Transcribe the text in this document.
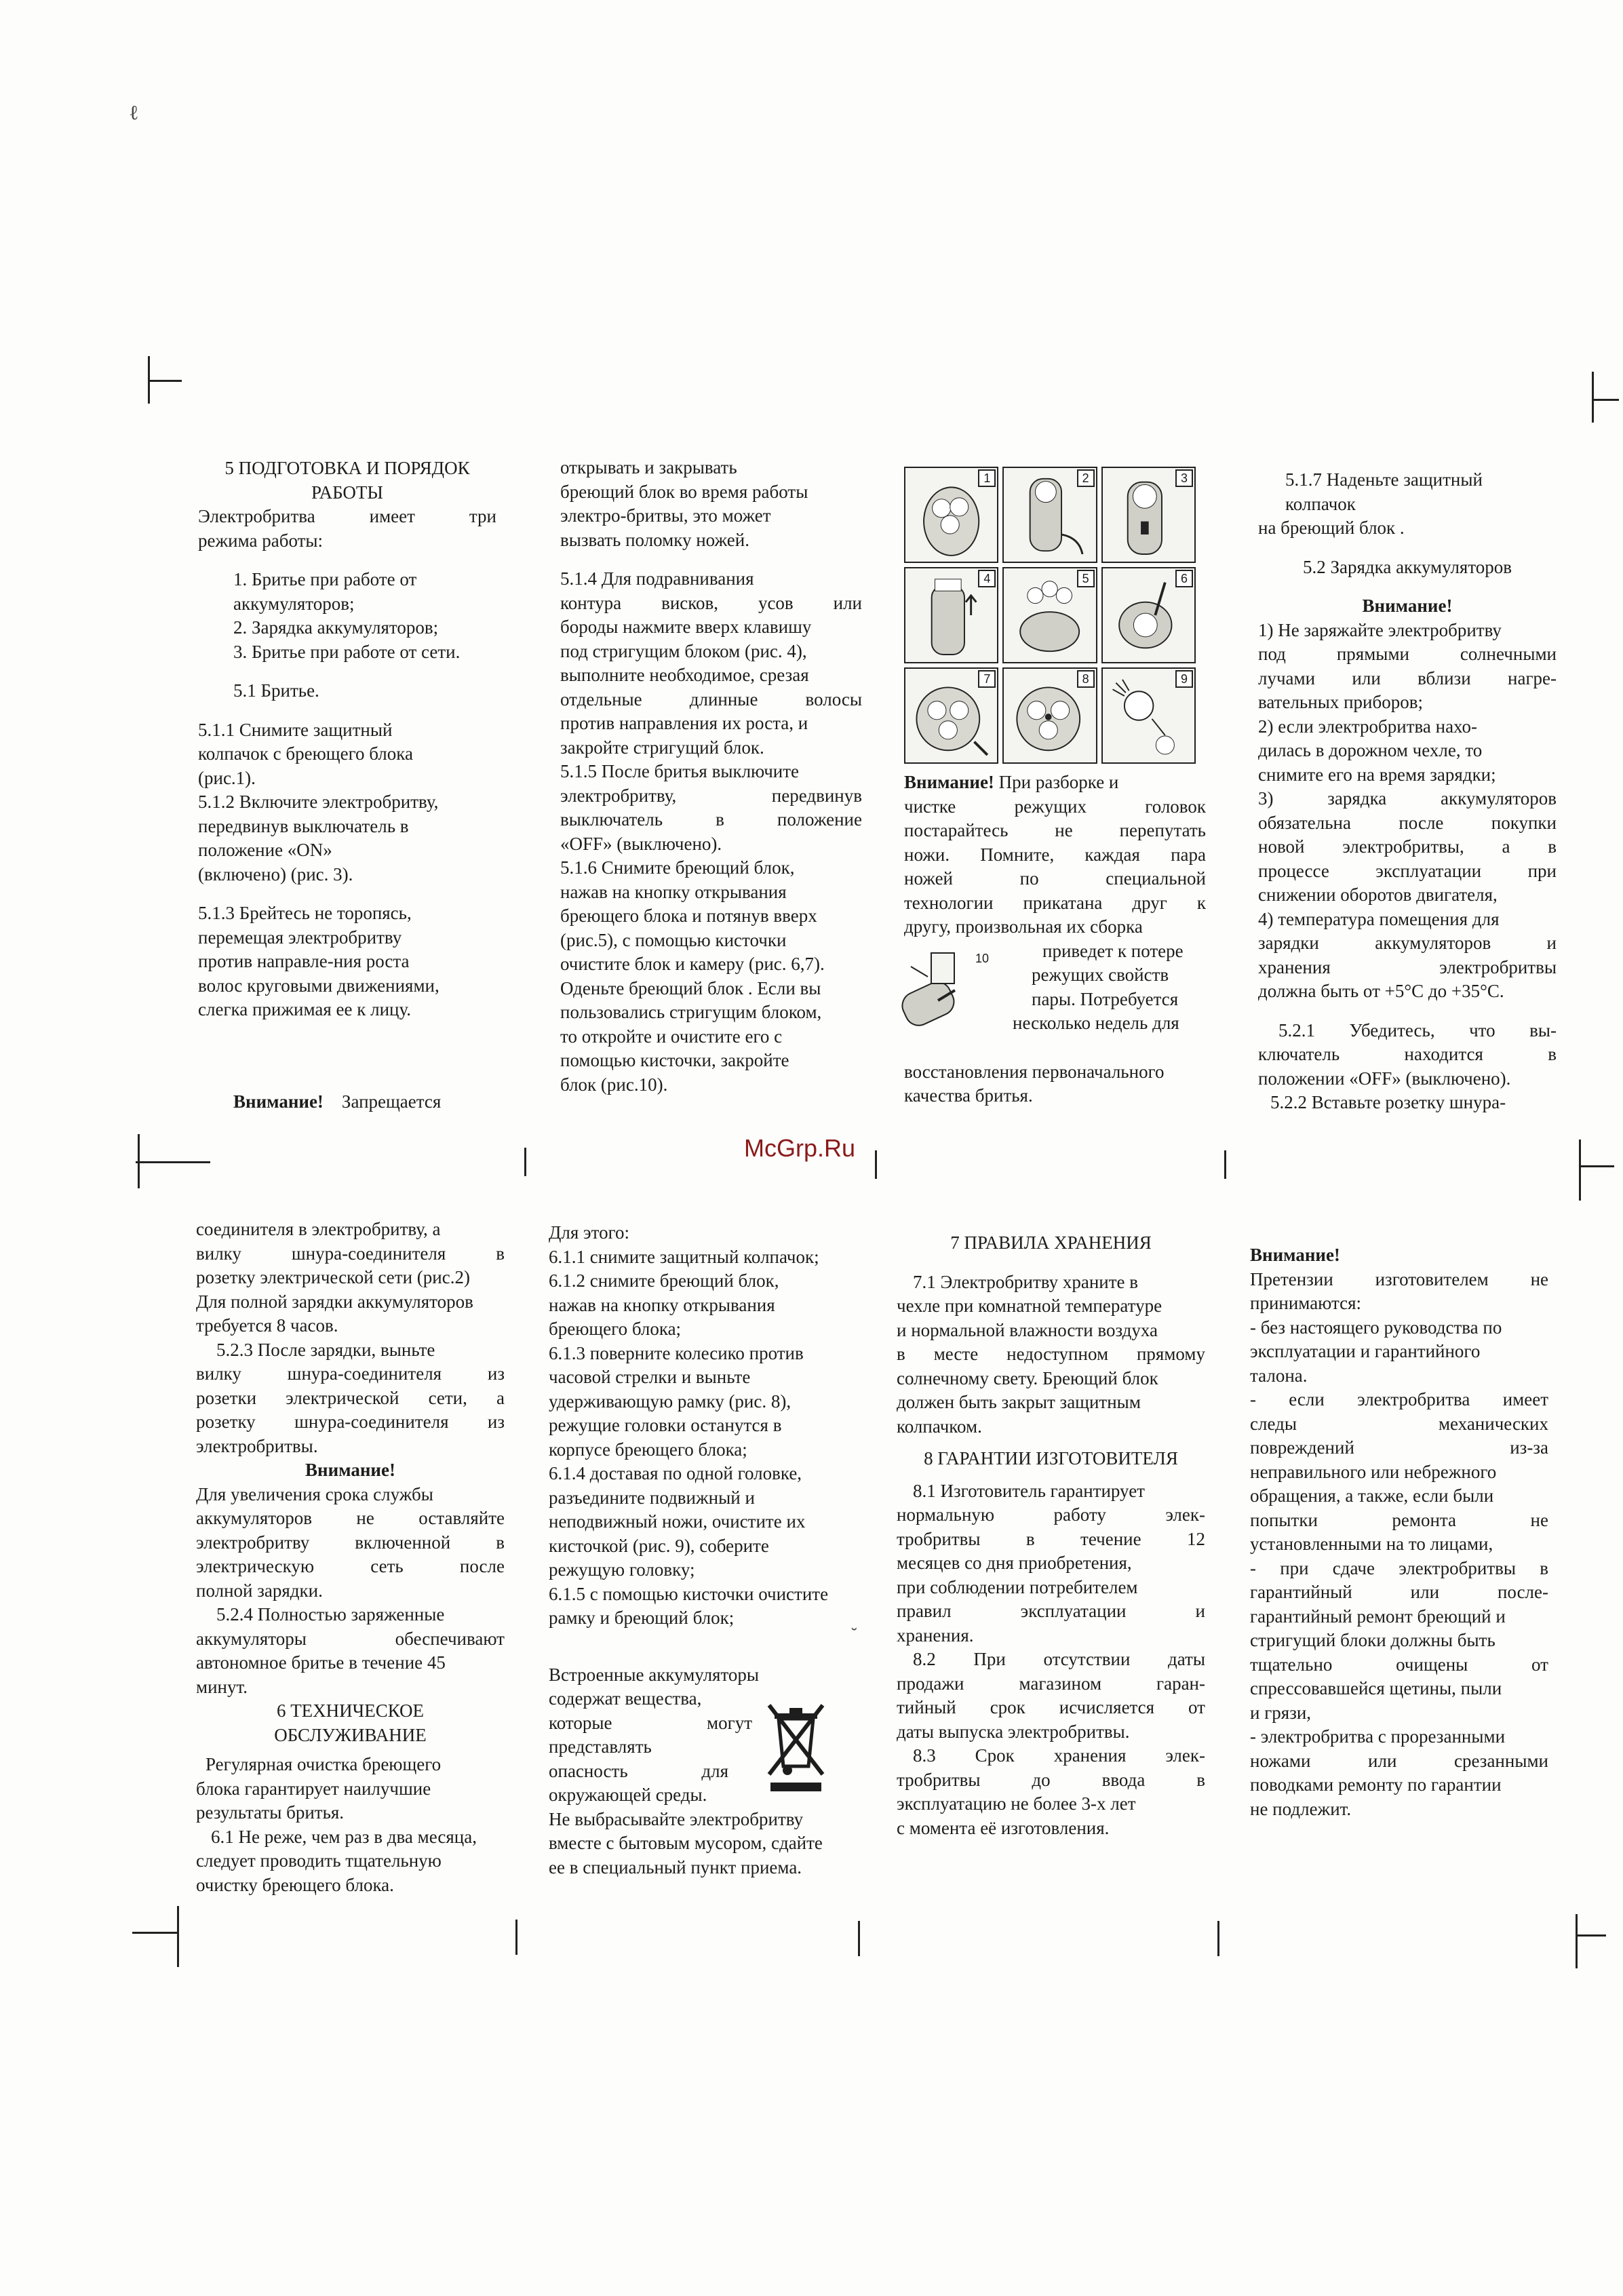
ℓ
˘
McGrp.Ru

5 ПОДГОТОВКА И ПОРЯДОК

РАБОТЫ

Электробритва имеет три

режима работы:

1. Бритье при работе от

аккумуляторов;

2. Зарядка аккумуляторов;

3. Бритье при работе от сети.

5.1 Бритье.

5.1.1 Снимите защитный

колпачок с бреющего блока

(рис.1).

5.1.2 Включите электробритву,

передвинув выключатель в

положение «ON»

(включено) (рис. 3).

5.1.3 Брейтесь не торопясь,

перемещая электробритву

против направле-ния роста

волос круговыми движениями,

слегка прижимая ее к лицу.

Внимание! Запрещается

открывать и закрывать

бреющий блок во время работы

электро-бритвы, это может

вызвать поломку ножей.

5.1.4 Для подравнивания

контура висков, усов или

бороды нажмите вверх клавишу

под стригущим блоком (рис. 4),

выполните необходимое, срезая

отдельные длинные волосы

против направления их роста, и

закройте стригущий блок.

5.1.5 После бритья выключите

электробритву, передвинув

выключатель в положение

«OFF» (выключено).

5.1.6 Снимите бреющий блок,

нажав на кнопку открывания

бреющего блока и потянув вверх

(рис.5), с помощью кисточки

очистите блок и камеру (рис. 6,7).

Оденьте бреющий блок . Если вы

пользовались стригущим блоком,

то откройте и очистите его с

помощью кисточки, закройте

блок (рис.10).

1	2	3
4	5	6
7	8	9
10

Внимание! При разборке и

чистке режущих головок

постарайтесь не перепутать

ножи. Помните, каждая пара

ножей по специальной

технологии прикатана друг к

другу, произвольная их сборка

приведет к потере

режущих свойств

пары. Потребуется

несколько недель для

восстановления первоначального

качества бритья.

5.1.7 Наденьте защитный колпачок

на бреющий блок .

5.2 Зарядка аккумуляторов

Внимание!

1) Не заряжайте электробритву

под прямыми солнечными

лучами или вблизи нагре-

вательных приборов;

2) если электробритва нахо-

дилась в дорожном чехле, то

снимите его на время зарядки;

3) зарядка аккумуляторов

обязательна после покупки

новой электробритвы, а в

процессе эксплуатации при

снижении оборотов двигателя,

4) температура помещения для

зарядки аккумуляторов и

хранения электробритвы

должна быть от +5°С до +35°С.

5.2.1 Убедитесь, что вы-

ключатель находится в

положении «OFF» (выключено).

5.2.2 Вставьте розетку шнура-

соединителя в электробритву, а

вилку шнура-соединителя в

розетку электрической сети (рис.2)

Для полной зарядки аккумуляторов

требуется 8 часов.

5.2.3 После зарядки, выньте

вилку шнура-соединителя из

розетки электрической сети, а

розетку шнура-соединителя из

электробритвы.

Внимание!

Для увеличения срока службы

аккумуляторов не оставляйте

электробритву включенной в

электрическую сеть после

полной зарядки.

5.2.4 Полностью заряженные

аккумуляторы обеспечивают

автономное бритье в течение 45

минут.

6 ТЕХНИЧЕСКОЕ

ОБСЛУЖИВАНИЕ

Регулярная очистка бреющего

блока гарантирует наилучшие

результаты бритья.

6.1 Не реже, чем раз в два месяца,

следует проводить тщательную

очистку бреющего блока.

Для этого:

6.1.1 снимите защитный колпачок;

6.1.2 снимите бреющий блок,

нажав на кнопку открывания

бреющего блока;

6.1.3 поверните колесико против

часовой стрелки и выньте

удерживающую рамку (рис. 8),

режущие головки останутся в

корпусе бреющего блока;

6.1.4 доставая по одной головке,

разъедините подвижный и

неподвижный ножи, очистите их

кисточкой (рис. 9), соберите

режущую головку;

6.1.5 с помощью кисточки очистите

рамку и бреющий блок;

Встроенные аккумуляторы

содержат вещества,

которые могут

представлять

опасность для

окружающей среды.

Не выбрасывайте электробритву

вместе с бытовым мусором, сдайте

ее в специальный пункт приема.

7 ПРАВИЛА ХРАНЕНИЯ

7.1 Электробритву храните в

чехле при комнатной температуре

и нормальной влажности воздуха

в месте недоступном прямому

солнечному свету. Бреющий блок

должен быть закрыт защитным

колпачком.

8 ГАРАНТИИ ИЗГОТОВИТЕЛЯ

8.1 Изготовитель гарантирует

нормальную работу элек-

тробритвы в течение 12

месяцев со дня приобретения,

при соблюдении потребителем

правил эксплуатации и

хранения.

8.2 При отсутствии даты

продажи магазином гаран-

тийный срок исчисляется от

даты выпуска электробритвы.

8.3 Срок хранения элек-

тробритвы до ввода в

эксплуатацию не более 3-х лет

с момента её изготовления.

Внимание!

Претензии изготовителем не

принимаются:

- без настоящего руководства по

эксплуатации и гарантийного

талона.

- если электробритва имеет

следы механических

повреждений из-за

неправильного или небрежного

обращения, а также, если были

попытки ремонта не

установленными на то лицами,

- при сдаче электробритвы в

гарантийный или после-

гарантийный ремонт бреющий и

стригущий блоки должны быть

тщательно очищены от

спрессовавшейся щетины, пыли

и грязи,

- электробритва с прорезанными

ножами или срезанными

поводками ремонту по гарантии

не подлежит.
